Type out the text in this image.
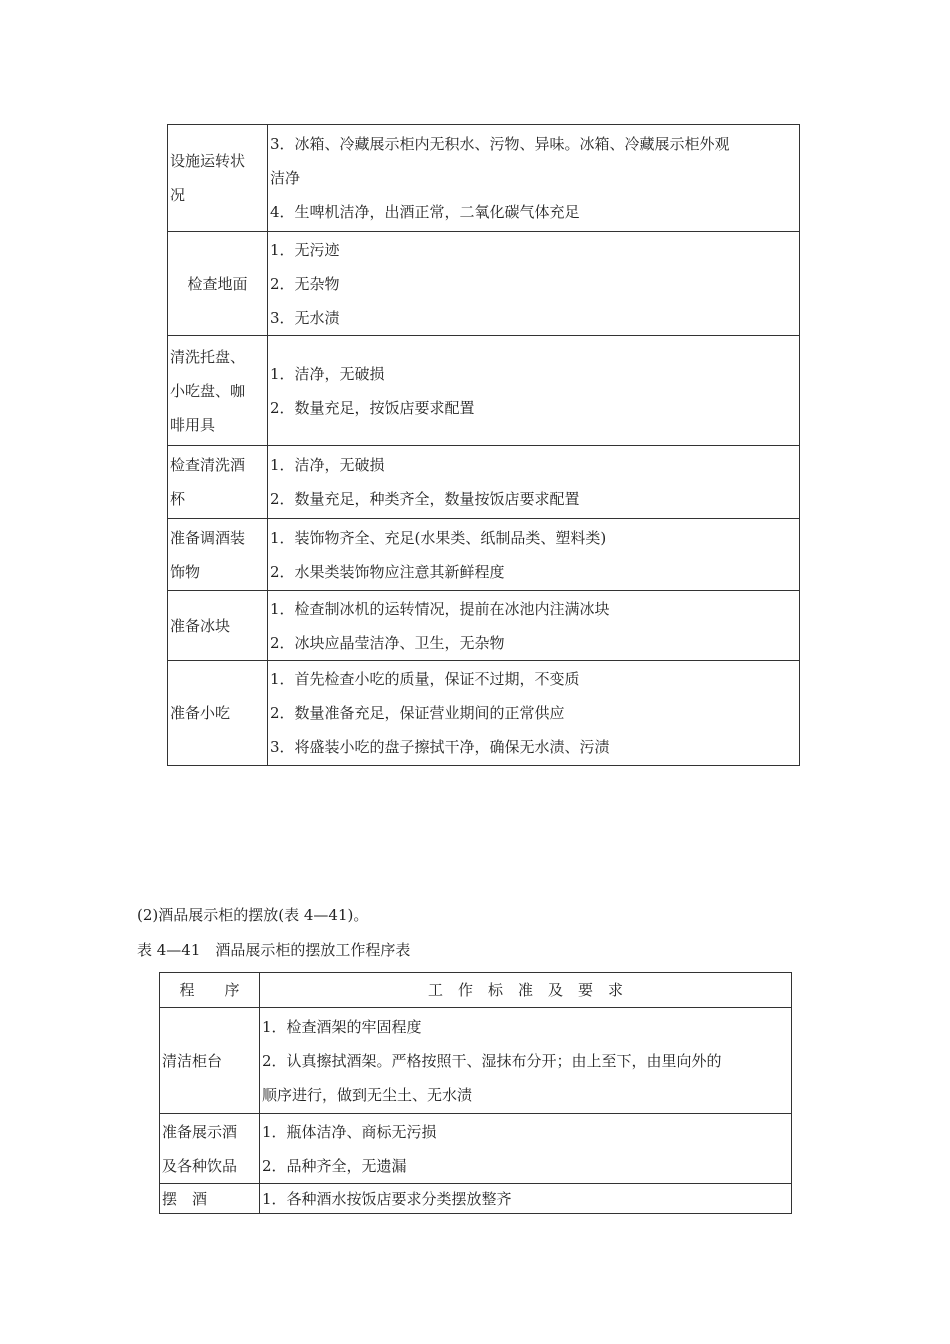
设施运转状
况	3．冰箱、冷藏展示柜内无积水、污物、异味。冰箱、冷藏展示柜外观
洁净
4．生啤机洁净，出酒正常，二氧化碳气体充足

检查地面	1．无污迹
2．无杂物
3．无水渍

清洗托盘、
小吃盘、咖
啡用具	1．洁净，无破损
2．数量充足，按饭店要求配置

检查清洗酒
杯	1．洁净，无破损
2．数量充足，种类齐全，数量按饭店要求配置

准备调酒装
饰物	1．装饰物齐全、充足(水果类、纸制品类、塑料类)
2．水果类装饰物应注意其新鲜程度

准备冰块	1．检查制冰机的运转情况，提前在冰池内注满冰块
2．冰块应晶莹洁净、卫生，无杂物

准备小吃	1．首先检查小吃的质量，保证不过期，不变质
2．数量准备充足，保证营业期间的正常供应
3．将盛装小吃的盘子擦拭干净，确保无水渍、污渍
(2)酒品展示柜的摆放(表 4—41)。
表 4—41　酒品展示柜的摆放工作程序表
程　　序	工　作　标　准　及　要　求

清洁柜台	1．检查酒架的牢固程度
2．认真擦拭酒架。严格按照干、湿抹布分开；由上至下，由里向外的
顺序进行，做到无尘土、无水渍

准备展示酒
及各种饮品	1．瓶体洁净、商标无污损
2．品种齐全，无遗漏

摆　酒	1．各种酒水按饭店要求分类摆放整齐
